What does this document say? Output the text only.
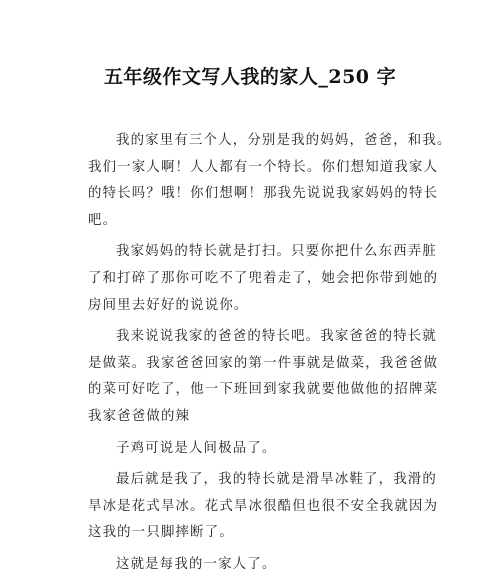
五年级作文写人我的家人_250 字
我的家里有三个人，分别是我的妈妈，爸爸，和我。
我们一家人啊！人人都有一个特长。你们想知道我家人
的特长吗？哦！你们想啊！那我先说说我家妈妈的特长
吧。
我家妈妈的特长就是打扫。只要你把什么东西弄脏
了和打碎了那你可吃不了兜着走了，她会把你带到她的
房间里去好好的说说你。
我来说说我家的爸爸的特长吧。我家爸爸的特长就
是做菜。我家爸爸回家的第一件事就是做菜，我爸爸做
的菜可好吃了，他一下班回到家我就要他做他的招牌菜
我家爸爸做的辣
子鸡可说是人间极品了。
最后就是我了，我的特长就是滑旱冰鞋了，我滑的
旱冰是花式旱冰。花式旱冰很酷但也很不安全我就因为
这我的一只脚摔断了。
这就是每我的一家人了。
